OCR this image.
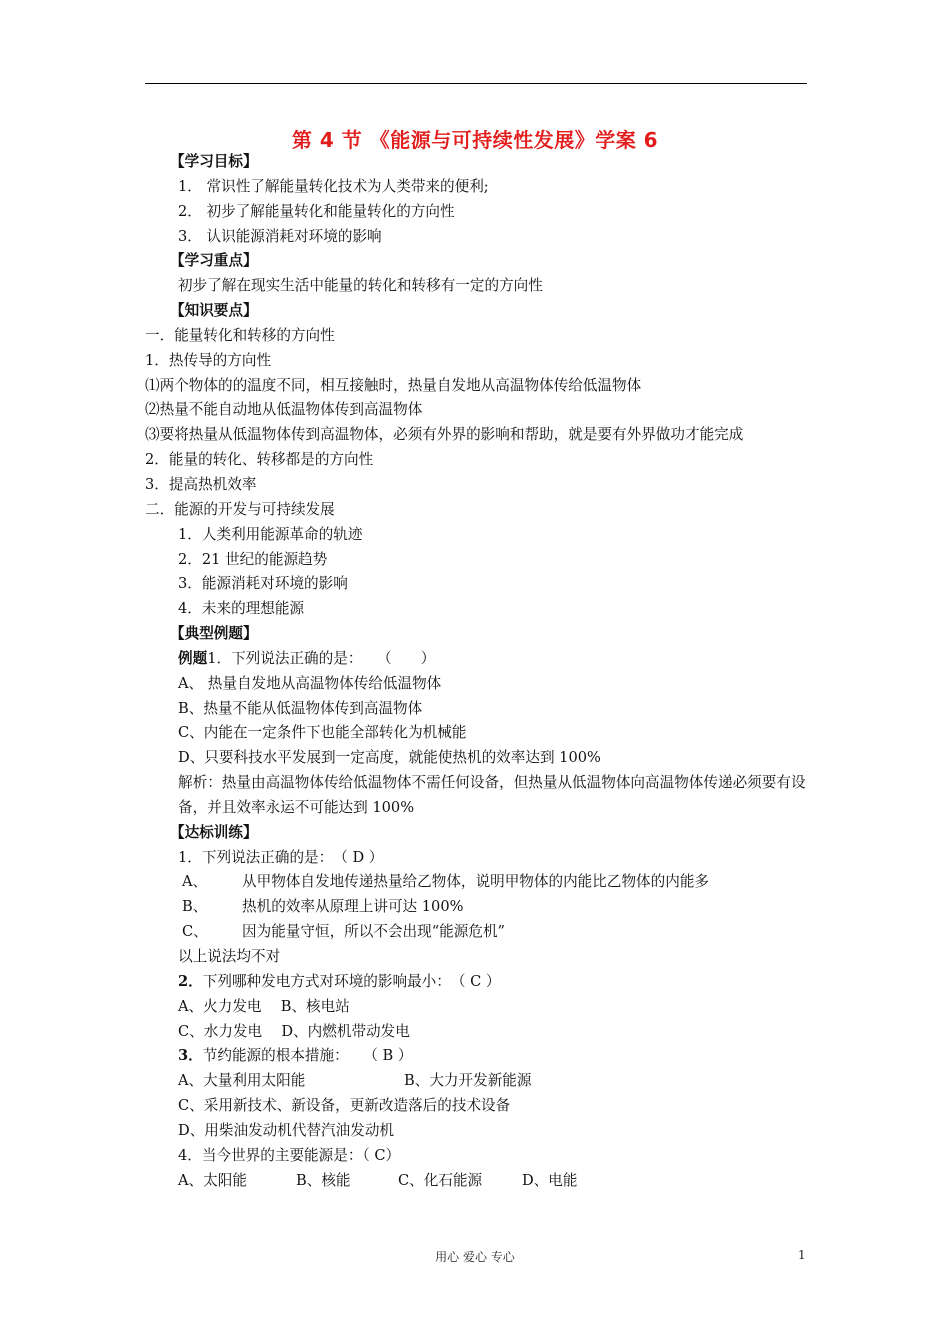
第 4 节 《能源与可持续性发展》学案 6
【学习目标】
1． 常识性了解能量转化技术为人类带来的便利;
2． 初步了解能量转化和能量转化的方向性
3． 认识能源消耗对环境的影响
【学习重点】
初步了解在现实生活中能量的转化和转移有一定的方向性
【知识要点】
一．能量转化和转移的方向性
1．热传导的方向性
⑴两个物体的的温度不同，相互接触时，热量自发地从高温物体传给低温物体
⑵热量不能自动地从低温物体传到高温物体
⑶要将热量从低温物体传到高温物体，必须有外界的影响和帮助，就是要有外界做功才能完成
2．能量的转化、转移都是的方向性
3．提高热机效率
二．能源的开发与可持续发展
1．人类利用能源革命的轨迹
2．21 世纪的能源趋势
3．能源消耗对环境的影响
4．未来的理想能源
【典型例题】
例题1．下列说法正确的是：　　（　　）
A、 热量自发地从高温物体传给低温物体
B、热量不能从低温物体传到高温物体
C、内能在一定条件下也能全部转化为机械能
D、只要科技水平发展到一定高度，就能使热机的效率达到 100%
解析：热量由高温物体传给低温物体不需任何设备，但热量从低温物体向高温物体传递必须要有设备，并且效率永运不可能达到 100%
【达标训练】
1．下列说法正确的是：　（ D ）
A、 从甲物体自发地传递热量给乙物体，说明甲物体的内能比乙物体的内能多
B、 热机的效率从原理上讲可达 100%
C、 因为能量守恒，所以不会出现“能源危机”
以上说法均不对
2．下列哪种发电方式对环境的影响最小：　（ C ）
A、火力发电　 B、核电站
C、水力发电　 D、内燃机带动发电
3．节约能源的根本措施：　　（ B ）
A、大量利用太阳能	B、大力开发新能源
C、采用新技术、新设备，更新改造落后的技术设备
D、用柴油发动机代替汽油发动机
4．当今世界的主要能源是：（ C）
A、太阳能	B、核能	C、化石能源	D、电能
用心 爱心 专心	1
